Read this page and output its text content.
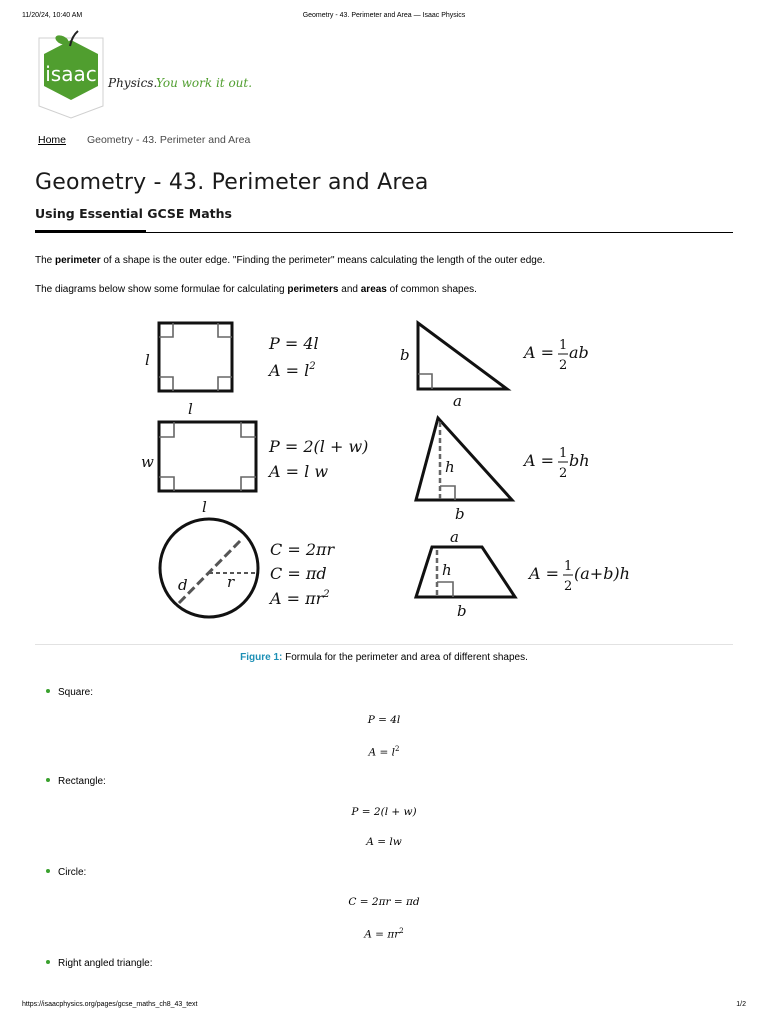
11/20/24, 10:40 AM	Geometry - 43. Perimeter and Area — Isaac Physics
isaac Physics.
You work it out.
Home Geometry - 43. Perimeter and Area
Geometry - 43. Perimeter and Area
Using Essential GCSE Maths
The perimeter of a shape is the outer edge. "Finding the perimeter" means calculating the length of the outer edge.
The diagrams below show some formulae for calculating perimeters and areas of common shapes.
l
l
P = 4l
$A = l^2$
w
l
P = 2(l + w)
A = l w
d	r
C = 2πr
C = πd
$A = \pi r^2$
b
a
A = 1
2
ab
h
b
A = 1
2
bh
a
h
b
A = 1
2
(a+b)h
Figure 1: Formula for the perimeter and area of different shapes.
Square:
P = 4l
$A = l^2$
Rectangle:
P = 2(l + w)
A = lw
Circle:
C = 2πr = πd
$A = \pi r^2$
Right angled triangle:
https://isaacphysics.org/pages/gcse_maths_ch8_43_text	1/2
